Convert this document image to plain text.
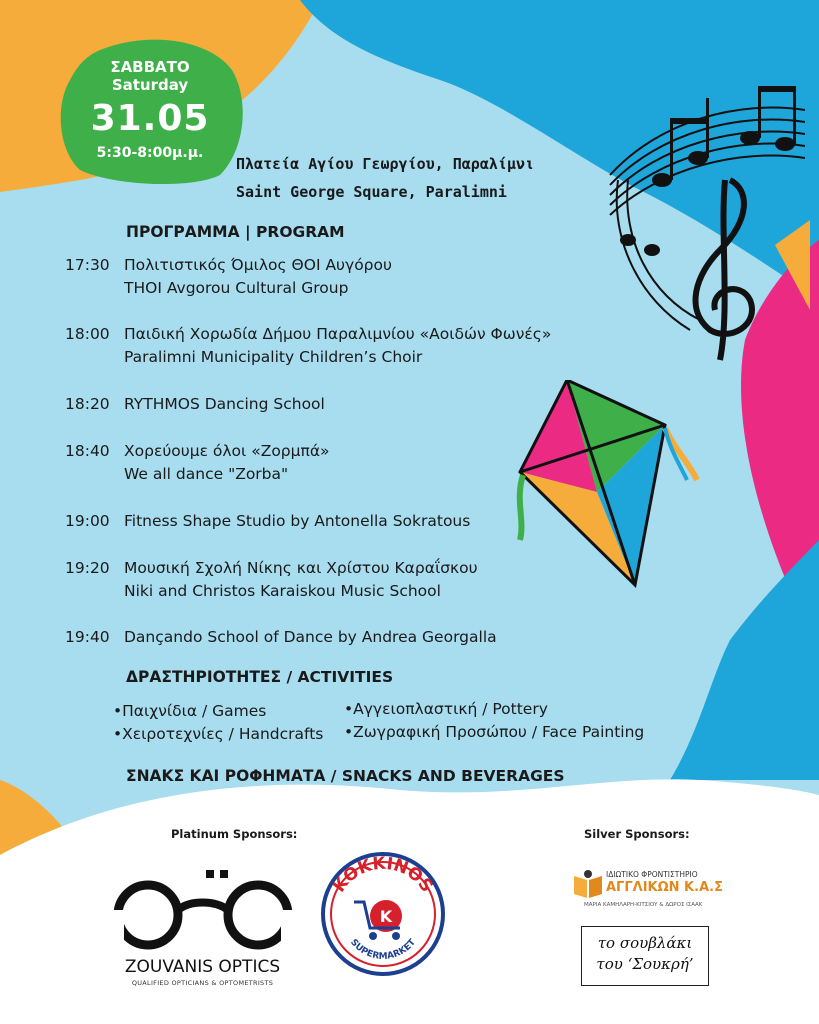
ΣΑΒΒΑΤΟ
Saturday
31.05
5:30-8:00μ.μ.
Πλατεία Αγίου Γεωργίου, Παραλίμνι
Saint George Square, Paralimni
ΠΡΟΓΡΑΜΜΑ | PROGRAM
17:30 Πολιτιστικός Όμιλος ΘΟΙ Αυγόρου
THOI Avgorou Cultural Group
18:00 Παιδική Χορωδία Δήμου Παραλιμνίου «Αοιδών Φωνές»
Paralimni Municipality Children’s Choir
18:20 RYTHMOS Dancing School
18:40 Χορεύουμε όλοι «Ζορμπά»
We all dance "Zorba"
19:00 Fitness Shape Studio by Antonella Sokratous
19:20 Μουσική Σχολή Νίκης και Χρίστου Καραΐσκου
Niki and Christos Karaiskou Music School
19:40 Dançando School of Dance by Andrea Georgalla
ΔΡΑΣΤΗΡΙΟΤΗΤΕΣ / ACTIVITIES
•Παιχνίδια / Games
•Χειροτεχνίες / Handcrafts
•Αγγειοπλαστική / Pottery
•Ζωγραφική Προσώπου / Face Painting
ΣΝΑΚΣ ΚΑΙ ΡΟΦΗΜΑΤΑ / SNACKS AND BEVERAGES
Platinum Sponsors:	Silver Sponsors:
ZOUVANIS OPTICS
QUALIFIED OPTICIANS & OPTOMETRISTS
K
KOKKINOS
SUPERMARKET
ΙΔΙΩΤΙΚΟ ΦΡΟΝΤΙΣΤΗΡΙΟ
ΑΓΓΛΙΚΩΝ Κ.Α.Σ
ΜΑΡΙΑ ΚΑΜΗΛΑΡΗ-ΚΙΤΣΙΟΥ & ΔΩΡΟΣ ΙΣΑΑΚ
το σουβλάκι
του ‘Σουκρή’
